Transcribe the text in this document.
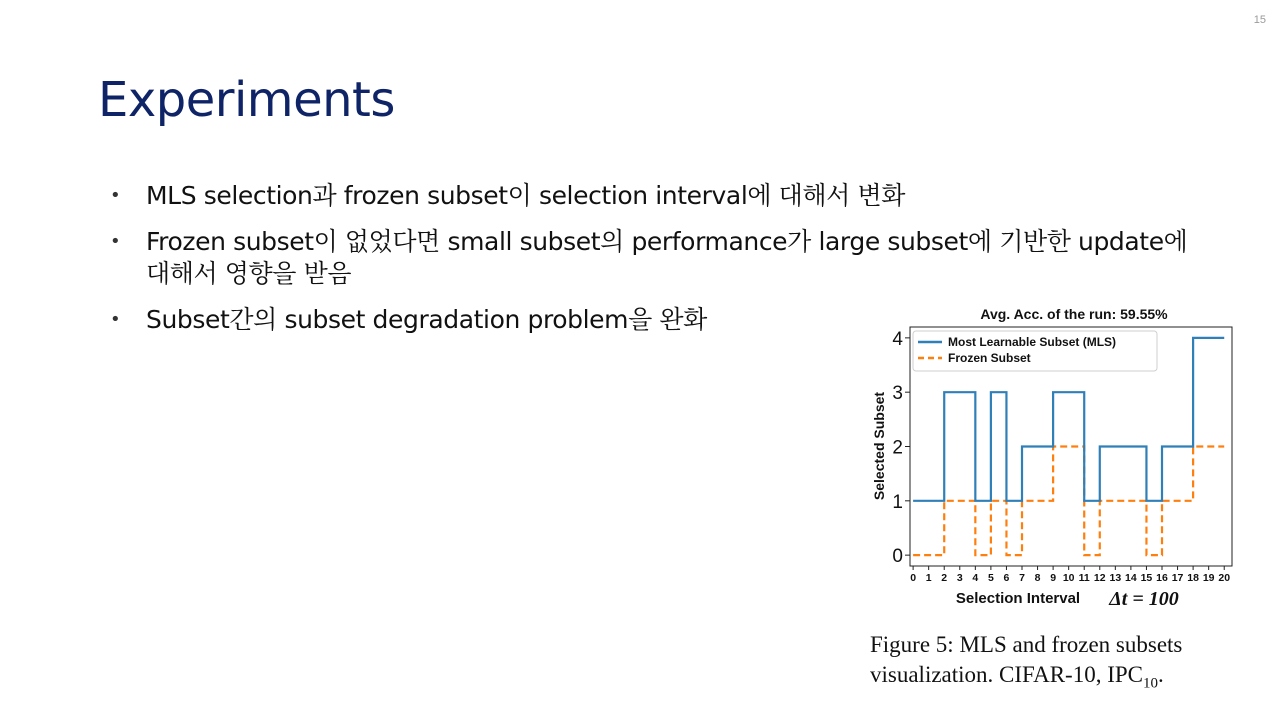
15
Experiments
• MLS selection과 frozen subset이 selection interval에 대해서 변화
• Frozen subset이 없었다면 small subset의 performance가 large subset에 기반한 update에 대해서 영향을 받음
• Subset간의 subset degradation problem을 완화	Avg. Acc. of the run: 59.55%
0 1 2 3 4 5 6 7 8 9 10 11 12 13 14 15 16 17 18 19 20
0
1
2
3
4	Most Learnable Subset (MLS)
Frozen Subset
Selected Subset
Selection Interval Δt = 100
Figure 5: MLS and frozen subsets visualization. CIFAR-10, $IPC_{10}$.
